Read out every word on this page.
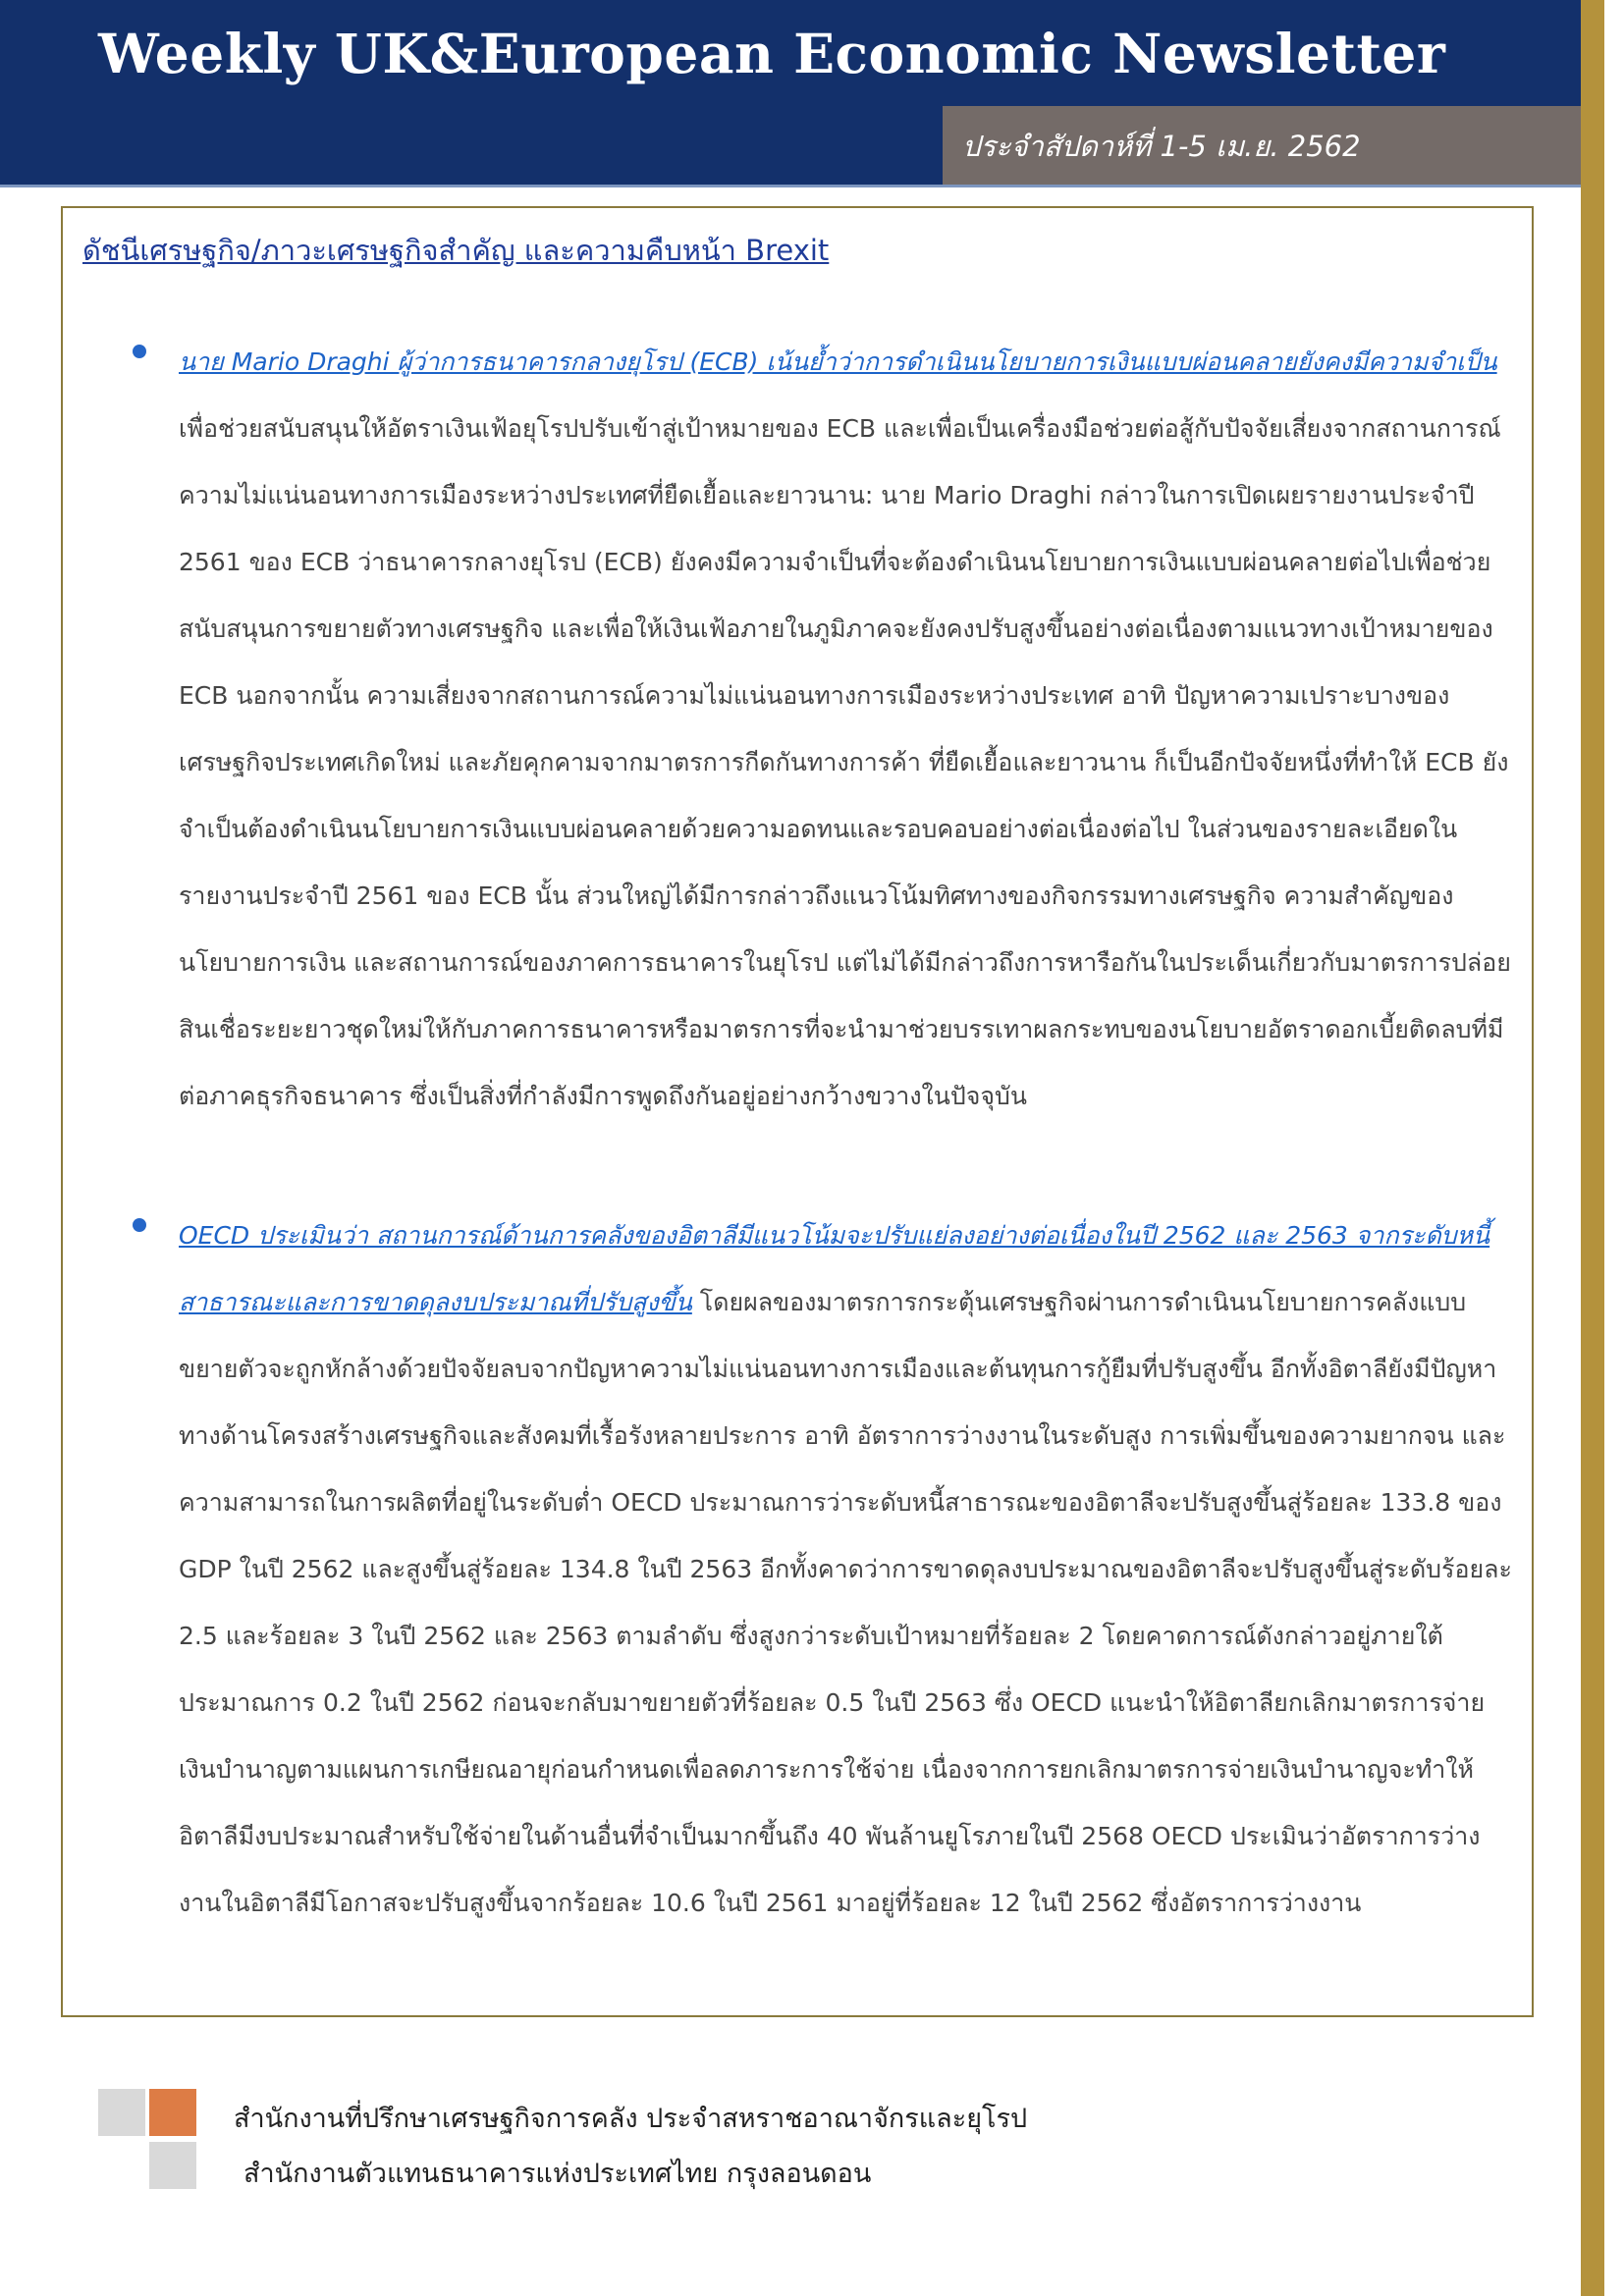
Weekly UK&European Economic Newsletter
ประจำสัปดาห์ที่ 1-5 เม.ย. 2562
ดัชนีเศรษฐกิจ/ภาวะเศรษฐกิจสำคัญ และความคืบหน้า Brexit
นาย Mario Draghi ผู้ว่าการธนาคารกลางยุโรป (ECB) เน้นย้ำว่าการดำเนินนโยบายการเงินแบบผ่อนคลายยังคงมีความจำเป็น เพื่อช่วยสนับสนุนให้อัตราเงินเฟ้อยุโรปปรับเข้าสู่เป้าหมายของ ECB และเพื่อเป็นเครื่องมือช่วยต่อสู้กับปัจจัยเสี่ยงจากสถานการณ์ความไม่แน่นอนทางการเมืองระหว่างประเทศที่ยืดเยื้อและยาวนาน: นาย Mario Draghi กล่าวในการเปิดเผยรายงานประจำปี 2561 ของ ECB ว่าธนาคารกลางยุโรป (ECB) ยังคงมีความจำเป็นที่จะต้องดำเนินนโยบายการเงินแบบผ่อนคลายต่อไปเพื่อช่วยสนับสนุนการขยายตัวทางเศรษฐกิจ และเพื่อให้เงินเฟ้อภายในภูมิภาคจะยังคงปรับสูงขึ้นอย่างต่อเนื่องตามแนวทางเป้าหมายของ ECB นอกจากนั้น ความเสี่ยงจากสถานการณ์ความไม่แน่นอนทางการเมืองระหว่างประเทศ อาทิ ปัญหาความเปราะบางของเศรษฐกิจประเทศเกิดใหม่ และภัยคุกคามจากมาตรการกีดกันทางการค้า ที่ยืดเยื้อและยาวนาน ก็เป็นอีกปัจจัยหนึ่งที่ทำให้ ECB ยังจำเป็นต้องดำเนินนโยบายการเงินแบบผ่อนคลายด้วยความอดทนและรอบคอบอย่างต่อเนื่องต่อไป ในส่วนของรายละเอียดในรายงานประจำปี 2561 ของ ECB นั้น ส่วนใหญ่ได้มีการกล่าวถึงแนวโน้มทิศทางของกิจกรรมทางเศรษฐกิจ ความสำคัญของนโยบายการเงิน และสถานการณ์ของภาคการธนาคารในยุโรป แต่ไม่ได้มีกล่าวถึงการหารือกันในประเด็นเกี่ยวกับมาตรการปล่อยสินเชื่อระยะยาวชุดใหม่ให้กับภาคการธนาคารหรือมาตรการที่จะนำมาช่วยบรรเทาผลกระทบของนโยบายอัตราดอกเบี้ยติดลบที่มีต่อภาคธุรกิจธนาคาร ซึ่งเป็นสิ่งที่กำลังมีการพูดถึงกันอยู่อย่างกว้างขวางในปัจจุบัน
OECD ประเมินว่า สถานการณ์ด้านการคลังของอิตาลีมีแนวโน้มจะปรับแย่ลงอย่างต่อเนื่องในปี 2562 และ 2563 จากระดับหนี้สาธารณะและการขาดดุลงบประมาณที่ปรับสูงขึ้น โดยผลของมาตรการกระตุ้นเศรษฐกิจผ่านการดำเนินนโยบายการคลังแบบขยายตัวจะถูกหักล้างด้วยปัจจัยลบจากปัญหาความไม่แน่นอนทางการเมืองและต้นทุนการกู้ยืมที่ปรับสูงขึ้น อีกทั้งอิตาลียังมีปัญหาทางด้านโครงสร้างเศรษฐกิจและสังคมที่เรื้อรังหลายประการ อาทิ อัตราการว่างงานในระดับสูง การเพิ่มขึ้นของความยากจน และความสามารถในการผลิตที่อยู่ในระดับต่ำ OECD ประมาณการว่าระดับหนี้สาธารณะของอิตาลีจะปรับสูงขึ้นสู่ร้อยละ 133.8 ของ GDP ในปี 2562 และสูงขึ้นสู่ร้อยละ 134.8 ในปี 2563 อีกทั้งคาดว่าการขาดดุลงบประมาณของอิตาลีจะปรับสูงขึ้นสู่ระดับร้อยละ 2.5 และร้อยละ 3 ในปี 2562 และ 2563 ตามลำดับ ซึ่งสูงกว่าระดับเป้าหมายที่ร้อยละ 2 โดยคาดการณ์ดังกล่าวอยู่ภายใต้ประมาณการ 0.2 ในปี 2562 ก่อนจะกลับมาขยายตัวที่ร้อยละ 0.5 ในปี 2563 ซึ่ง OECD แนะนำให้อิตาลียกเลิกมาตรการจ่ายเงินบำนาญตามแผนการเกษียณอายุก่อนกำหนดเพื่อลดภาระการใช้จ่าย เนื่องจากการยกเลิกมาตรการจ่ายเงินบำนาญจะทำให้อิตาลีมีงบประมาณสำหรับใช้จ่ายในด้านอื่นที่จำเป็นมากขึ้นถึง 40 พันล้านยูโรภายในปี 2568 OECD ประเมินว่าอัตราการว่างงานในอิตาลีมีโอกาสจะปรับสูงขึ้นจากร้อยละ 10.6 ในปี 2561 มาอยู่ที่ร้อยละ 12 ในปี 2562 ซึ่งอัตราการว่างงาน
สำนักงานที่ปรึกษาเศรษฐกิจการคลัง ประจำสหราชอาณาจักรและยุโรป
สำนักงานตัวแทนธนาคารแห่งประเทศไทย กรุงลอนดอน
